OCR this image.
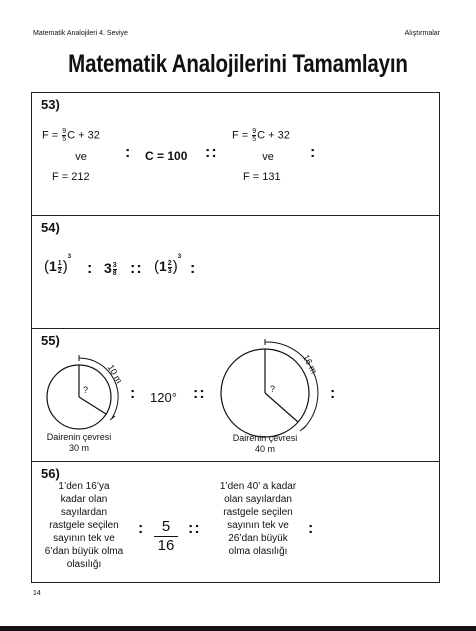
Matematik Analojileri 4. Seviye	Alıştırmalar
Matematik Analojilerini Tamamlayın
53)
$F = \frac{9}{5}$ C + 32
ve
F = 212
: C = 100 ::
$F = \frac{9}{5}$ C + 32
ve
F = 131
:
54)
$(1 \frac{1}{2} )^3$
: $3 \frac{3}{8}$ :: $(1 \frac{2}{3} )^3$
:
55)
?
10 m
Dairenin çevresi
30 m
: 120° ::	?
16 m
Dairenin çevresi
40 m
:
56)
1’den 16’ya
kadar olan
sayılardan
rastgele seçilen
sayının tek ve
6’dan büyük olma
olasılığı
: $\frac{5}{16}$ ::
1’den 40’ a kadar
olan sayılardan
rastgele seçilen
sayının tek ve
26’dan büyük
olma olasılığı
:
14
